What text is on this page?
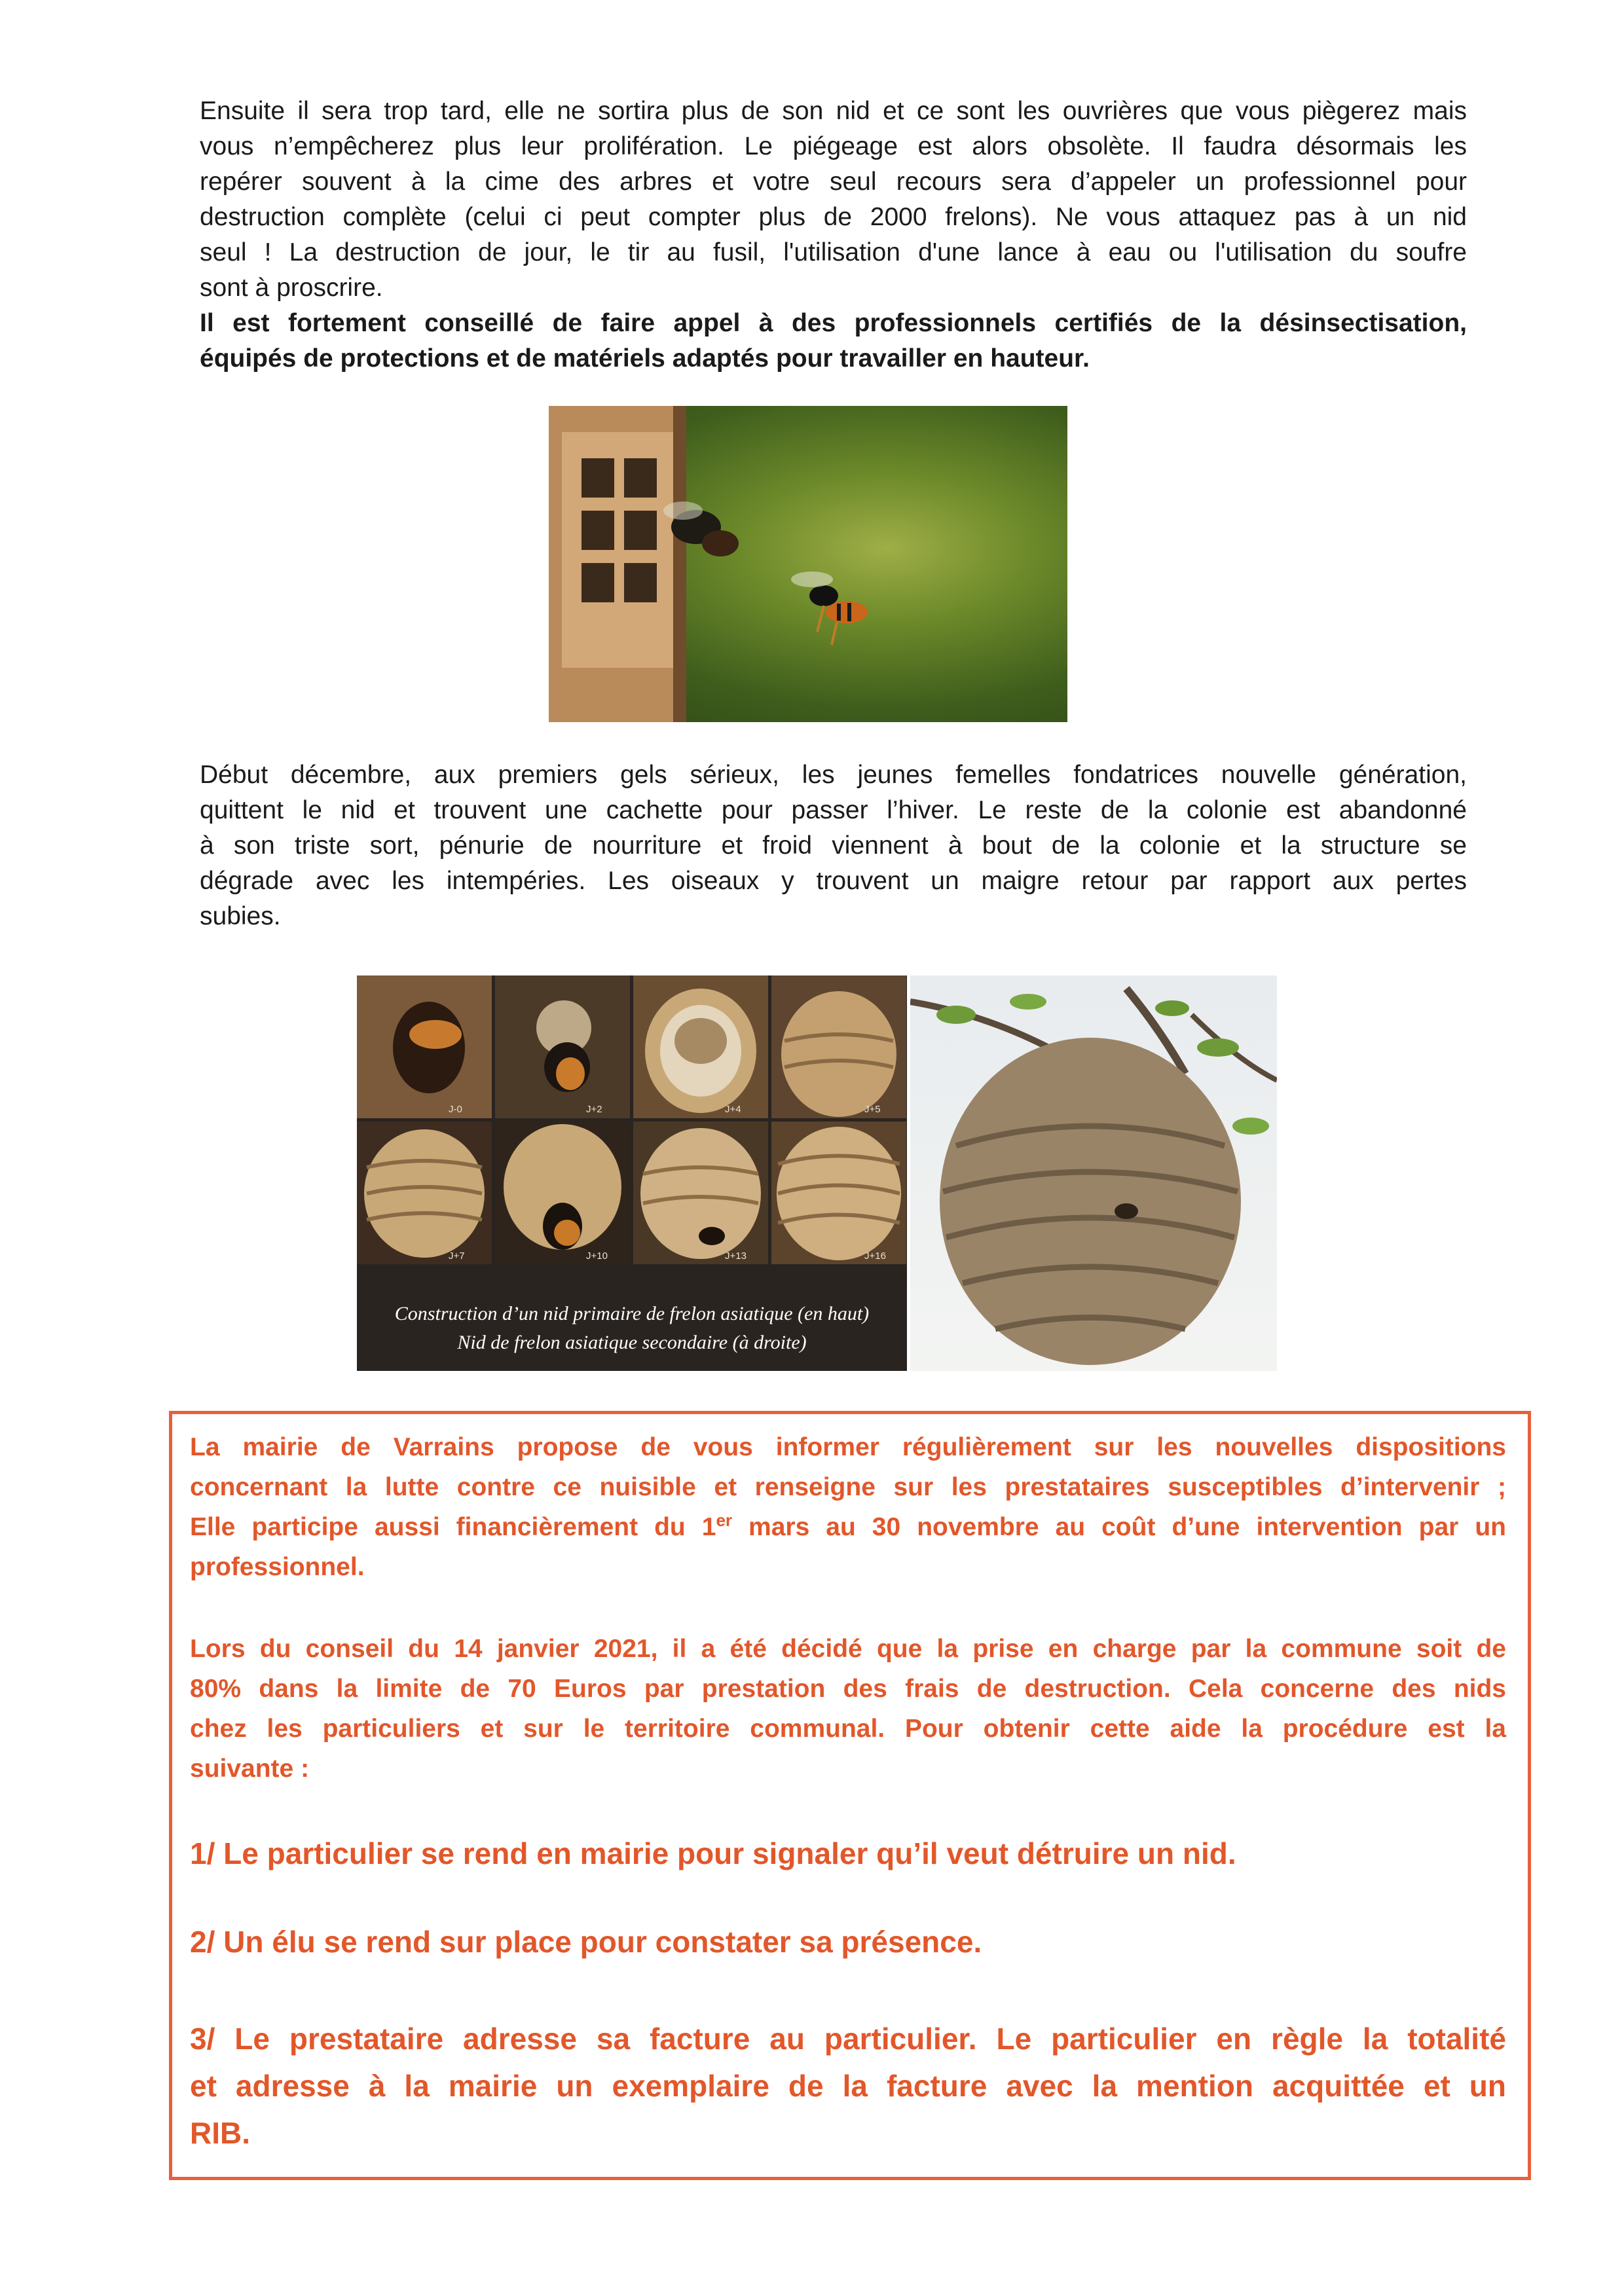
Ensuite il sera trop tard, elle ne sortira plus de son nid et ce sont les ouvrières que vous piègerez mais
vous n’empêcherez plus leur prolifération. Le piégeage est alors obsolète. Il faudra désormais les
repérer souvent à la cime des arbres et votre seul recours sera d’appeler un professionnel pour
destruction complète (celui ci peut compter plus de 2000 frelons). Ne vous attaquez pas à un nid
seul ! La destruction de jour, le tir au fusil, l'utilisation d'une lance à eau ou l'utilisation du soufre
sont à proscrire.
Il est fortement conseillé de faire appel à des professionnels certifiés de la désinsectisation,
équipés de protections et de matériels adaptés pour travailler en hauteur.
Début décembre, aux premiers gels sérieux, les jeunes femelles fondatrices nouvelle génération,
quittent le nid et trouvent une cachette pour passer l’hiver. Le reste de la colonie est abandonné
à son triste sort, pénurie de nourriture et froid viennent à bout de la colonie et la structure se
dégrade avec les intempéries. Les oiseaux y trouvent un maigre retour par rapport aux pertes
subies.
Construction d’un nid primaire de frelon asiatique (en haut)
Nid de frelon asiatique secondaire (à droite)
La mairie de Varrains propose de vous informer régulièrement sur les nouvelles dispositions
concernant la lutte contre ce nuisible et renseigne sur les prestataires susceptibles d’intervenir ;
Elle participe aussi financièrement du 1er mars au 30 novembre au coût d’une intervention par un
professionnel.
Lors du conseil du 14 janvier 2021, il a été décidé que la prise en charge par la commune soit de
80% dans la limite de 70 Euros par prestation des frais de destruction. Cela concerne des nids
chez les particuliers et sur le territoire communal. Pour obtenir cette aide la procédure est la
suivante :
1/ Le particulier se rend en mairie pour signaler qu’il veut détruire un nid.
2/ Un élu se rend sur place pour constater sa présence.
3/ Le prestataire adresse sa facture au particulier. Le particulier en règle la totalité
et adresse à la mairie un exemplaire de la facture avec la mention acquittée et un
RIB.
J-0	J+2	J+4	J+5
J+7	J+10	J+13	J+16
